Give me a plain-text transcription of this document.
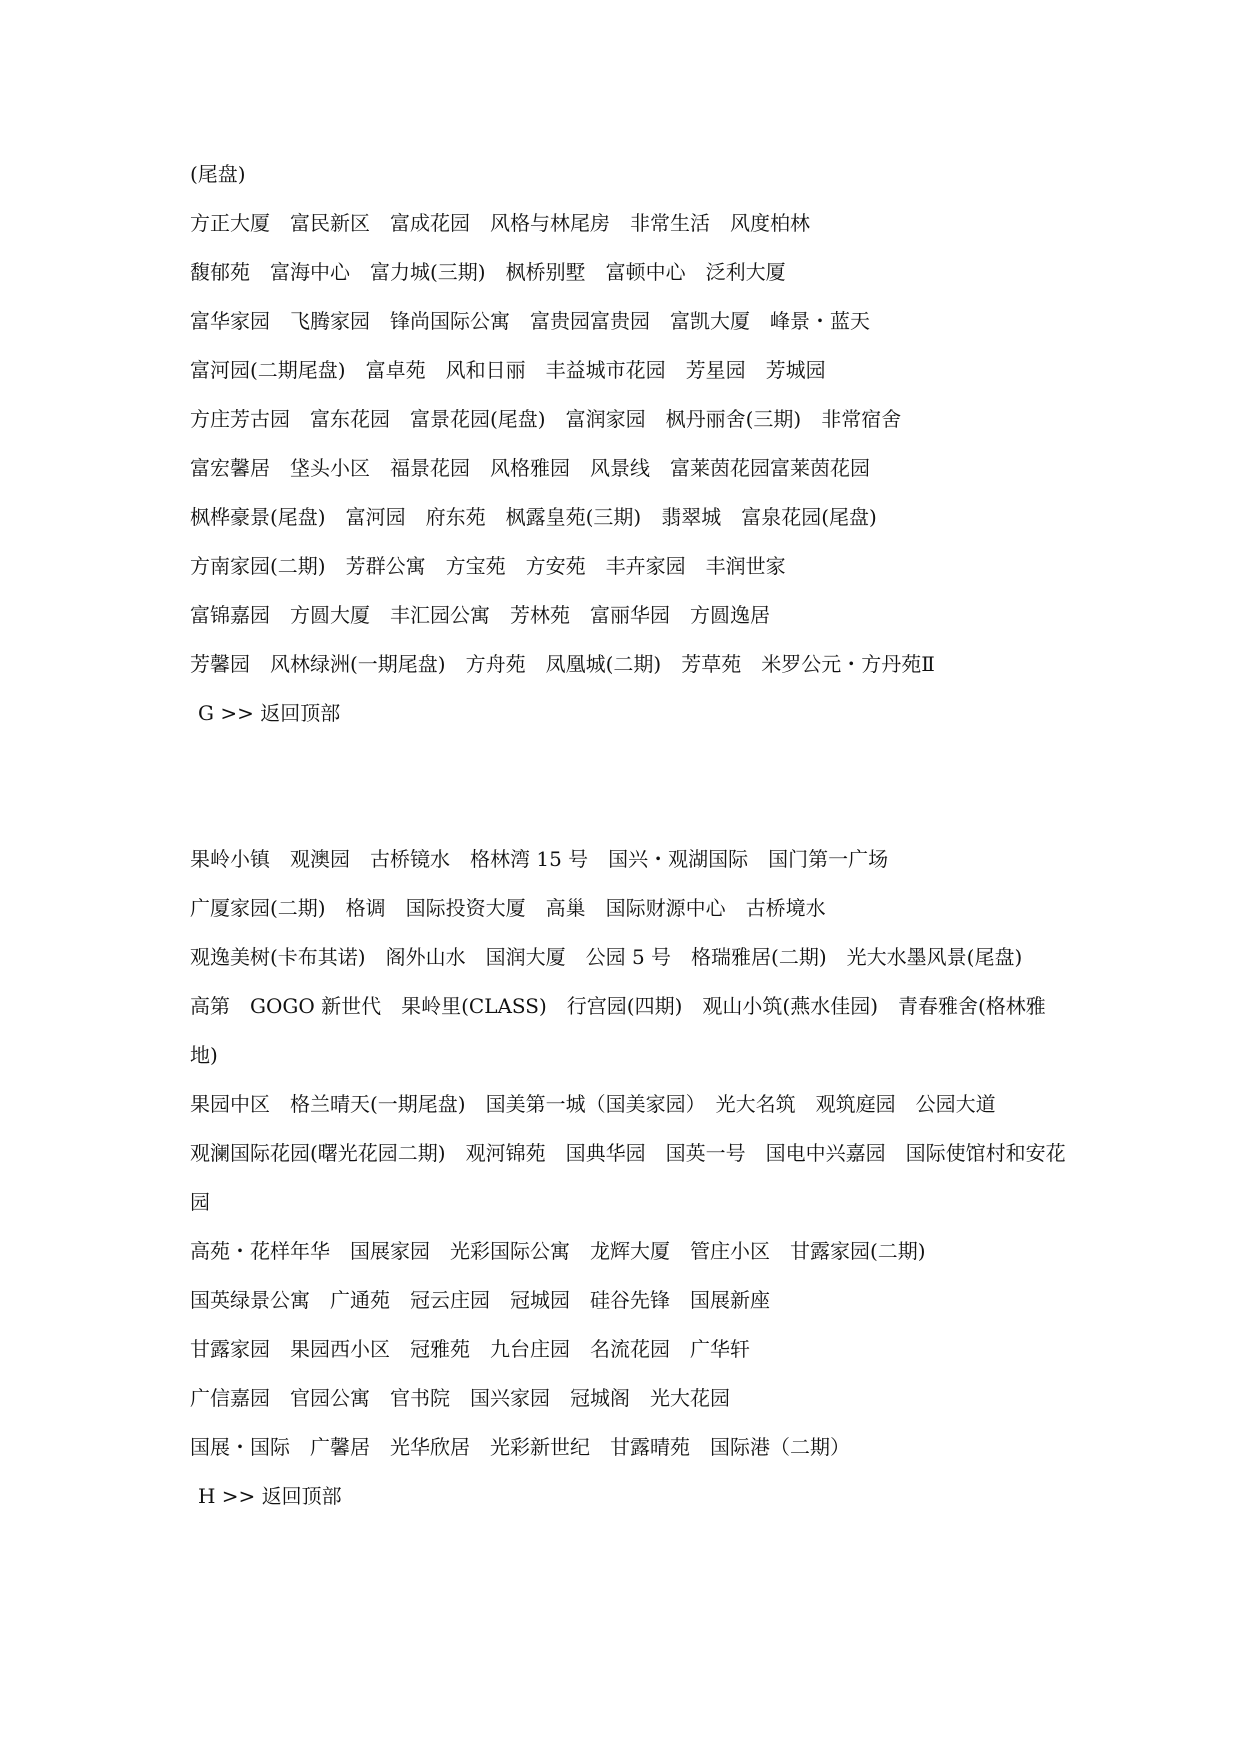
(尾盘)
方正大厦　富民新区　富成花园　风格与林尾房　非常生活　风度柏林
馥郁苑　富海中心　富力城(三期)　枫桥别墅　富顿中心　泛利大厦
富华家园　飞腾家园　锋尚国际公寓　富贵园富贵园　富凯大厦　峰景・蓝天
富河园(二期尾盘)　富卓苑　风和日丽　丰益城市花园　芳星园　芳城园
方庄芳古园　富东花园　富景花园(尾盘)　富润家园　枫丹丽舍(三期)　非常宿舍
富宏馨居　垡头小区　福景花园　风格雅园　风景线　富莱茵花园富莱茵花园
枫桦豪景(尾盘)　富河园　府东苑　枫露皇苑(三期)　翡翠城　富泉花园(尾盘)
方南家园(二期)　芳群公寓　方宝苑　方安苑　丰卉家园　丰润世家
富锦嘉园　方圆大厦　丰汇园公寓　芳林苑　富丽华园　方圆逸居
芳馨园　风林绿洲(一期尾盘)　方舟苑　凤凰城(二期)　芳草苑　米罗公元・方丹苑Ⅱ
G >> 返回顶部
果岭小镇　观澳园　古桥镜水　格林湾 15 号　国兴・观湖国际　国门第一广场
广厦家园(二期)　格调　国际投资大厦　高巢　国际财源中心　古桥境水
观逸美树(卡布其诺)　阁外山水　国润大厦　公园 5 号　格瑞雅居(二期)　光大水墨风景(尾盘)
高第　GOGO 新世代　果岭里(CLASS)　行宫园(四期)　观山小筑(燕水佳园)　青春雅舍(格林雅地)
果园中区　格兰晴天(一期尾盘)　国美第一城（国美家园）　光大名筑　观筑庭园　公园大道
观澜国际花园(曙光花园二期)　观河锦苑　国典华园　国英一号　国电中兴嘉园　国际使馆村和安花园
高苑・花样年华　国展家园　光彩国际公寓　龙辉大厦　管庄小区　甘露家园(二期)
国英绿景公寓　广通苑　冠云庄园　冠城园　硅谷先锋　国展新座
甘露家园　果园西小区　冠雅苑　九台庄园　名流花园　广华轩
广信嘉园　官园公寓　官书院　国兴家园　冠城阁　光大花园
国展・国际　广馨居　光华欣居　光彩新世纪　甘露晴苑　国际港（二期）
H >> 返回顶部
